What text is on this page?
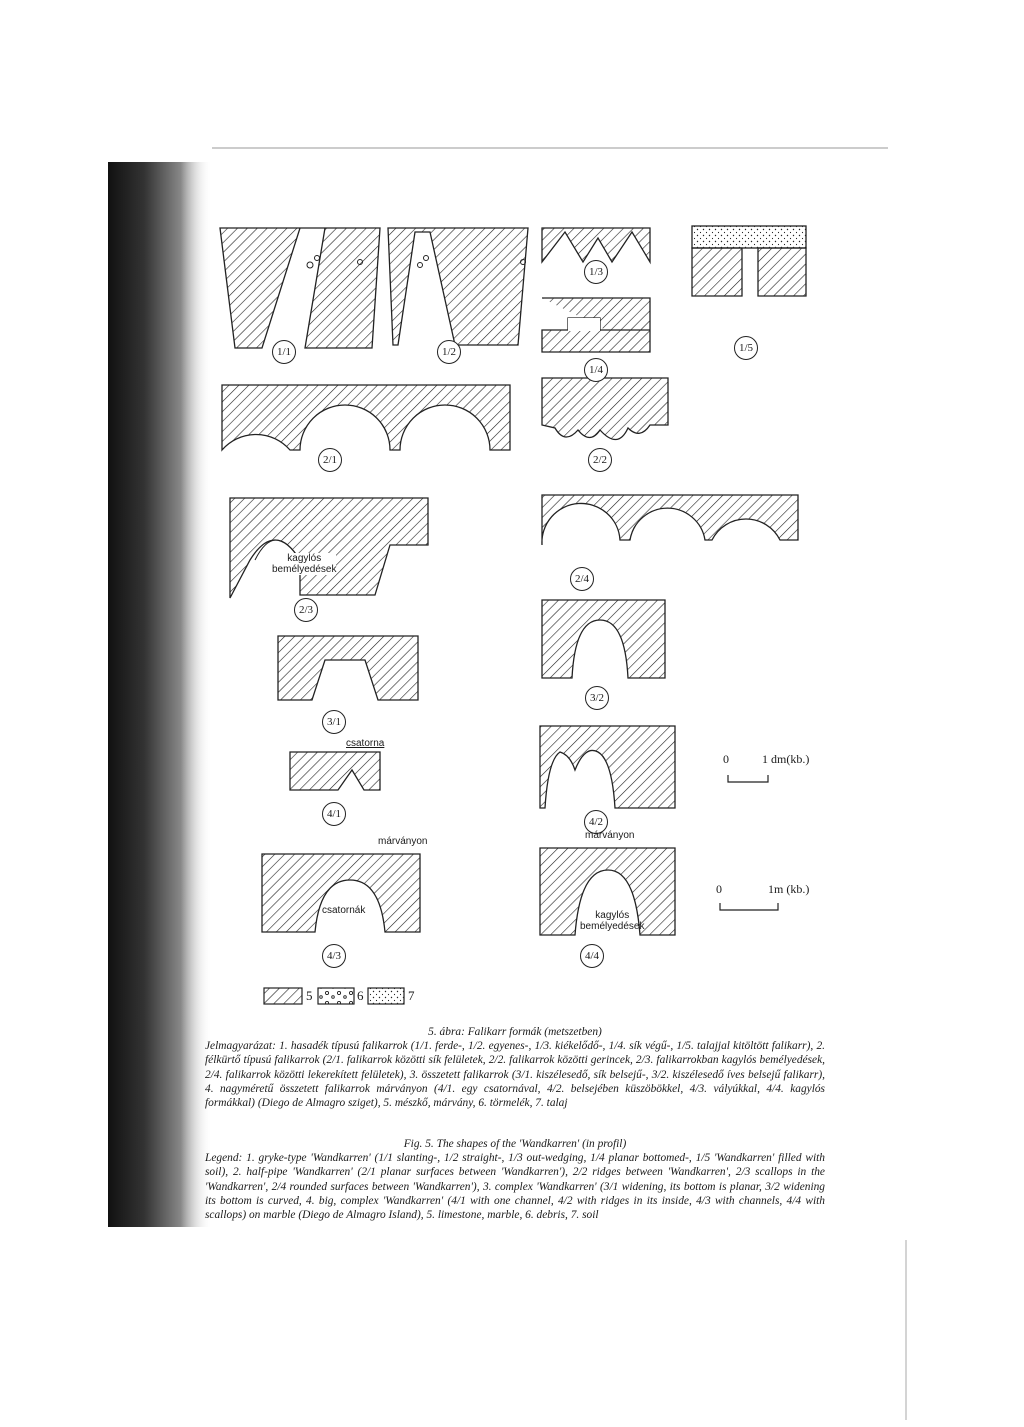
1/1	1/2
1/3
1/4
1/5
2/1	2/2
2/3
2/4
3/1
3/2
4/1
4/2
4/3	4/4
kagylós
bemélyedések
csatorna
márványon
márványon
csatornák	kagylós
bemélyedések
0	1 dm(kb.)
0	1m (kb.)
5	6	7
5. ábra: Falikarr formák (metszetben)
Jelmagyarázat: 1. hasadék típusú falikarrok (1/1. ferde-, 1/2. egyenes-, 1/3. kiékelődő-, 1/4. sík végű-, 1/5. talajjal kitöltött falikarr), 2. félkürtő típusú falikarrok (2/1. falikarrok közötti sík felületek, 2/2. falikarrok közötti gerincek, 2/3. falikarrokban kagylós bemélyedések, 2/4. falikarrok közötti lekerekített felületek), 3. összetett falikarrok (3/1. kiszélesedő, sík belsejű-, 3/2. kiszélesedő íves belsejű falikarr), 4. nagyméretű összetett falikarrok márványon (4/1. egy csatornával, 4/2. belsejében küszöbökkel, 4/3. vályúkkal, 4/4. kagylós formákkal) (Diego de Almagro sziget), 5. mészkő, márvány, 6. törmelék, 7. talaj
Fig. 5. The shapes of the 'Wandkarren' (in profil)
Legend: 1. gryke-type 'Wandkarren' (1/1 slanting-, 1/2 straight-, 1/3 out-wedging, 1/4 planar bottomed-, 1/5 'Wandkarren' filled with soil), 2. half-pipe 'Wandkarren' (2/1 planar surfaces between 'Wandkarren'), 2/2 ridges between 'Wandkarren', 2/3 scallops in the 'Wandkarren', 2/4 rounded surfaces between 'Wandkarren'), 3. complex 'Wandkarren' (3/1 widening, its bottom is planar, 3/2 widening its bottom is curved, 4. big, complex 'Wandkarren' (4/1 with one channel, 4/2 with ridges in its inside, 4/3 with channels, 4/4 with scallops) on marble (Diego de Almagro Island), 5. limestone, marble, 6. debris, 7. soil
